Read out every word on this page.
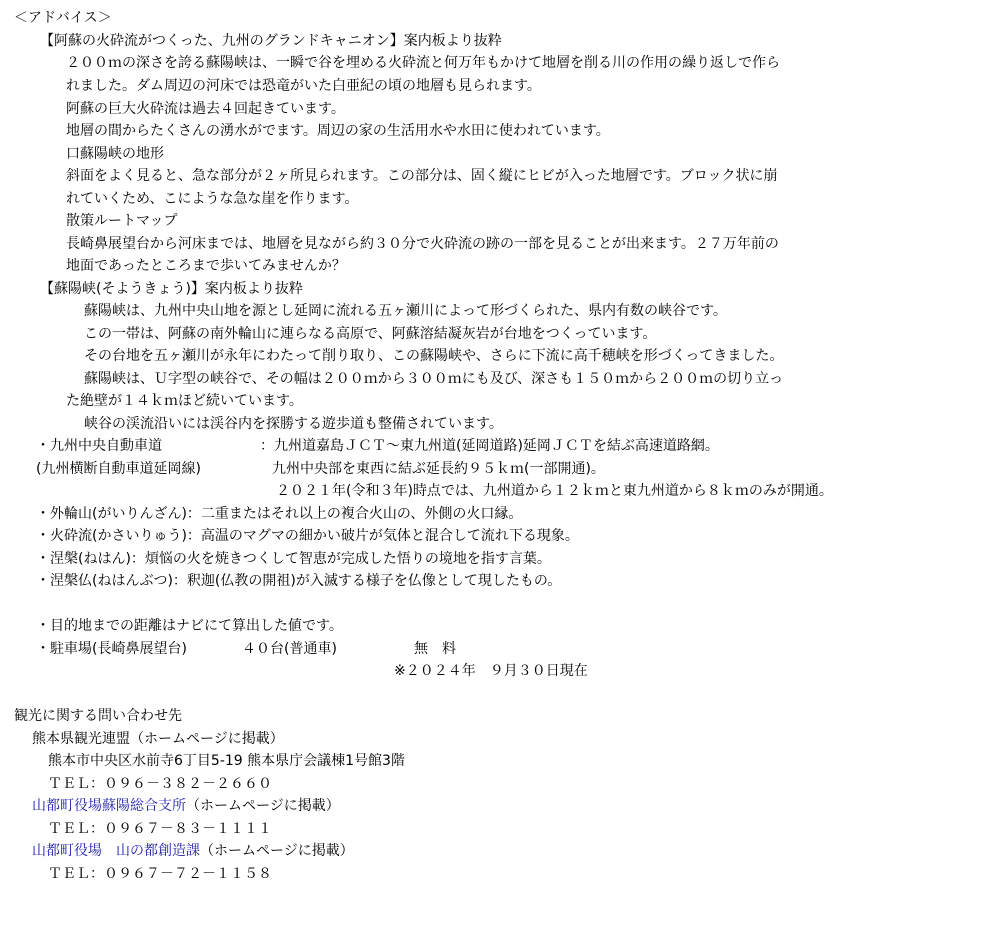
＜アドバイス＞
【阿蘇の火砕流がつくった、九州のグランドキャニオン】案内板より抜粋
２００ｍの深さを誇る蘇陽峡は、一瞬で谷を埋める火砕流と何万年もかけて地層を削る川の作用の繰り返しで作ら
れました。ダム周辺の河床では恐竜がいた白亜紀の頃の地層も見られます。
阿蘇の巨大火砕流は過去４回起きています。
地層の間からたくさんの湧水がでます。周辺の家の生活用水や水田に使われています。
口蘇陽峡の地形
斜面をよく見ると、急な部分が２ヶ所見られます。この部分は、固く縦にヒビが入った地層です。ブロック状に崩
れていくため、こにような急な崖を作ります。
散策ルートマップ
長崎鼻展望台から河床までは、地層を見ながら約３０分で火砕流の跡の一部を見ることが出来ます。２７万年前の
地面であったところまで歩いてみませんか？
【蘇陽峡(そようきょう)】案内板より抜粋
蘇陽峡は、九州中央山地を源とし延岡に流れる五ヶ瀬川によって形づくられた、県内有数の峡谷です。
この一帯は、阿蘇の南外輪山に連らなる高原で、阿蘇溶結凝灰岩が台地をつくっています。
その台地を五ヶ瀬川が永年にわたって削り取り、この蘇陽峡や、さらに下流に高千穂峡を形づくってきました。
蘇陽峡は、Ｕ字型の峡谷で、その幅は２００ｍから３００ｍにも及び、深さも１５０ｍから２００ｍの切り立っ
た絶壁が１４ｋｍほど続いています。
峡谷の渓流沿いには渓谷内を探勝する遊歩道も整備されています。
・九州中央自動車道	：九州道嘉島ＪＣＴ～東九州道(延岡道路)延岡ＪＣＴを結ぶ高速道路網。
(九州横断自動車道延岡線)	九州中央部を東西に結ぶ延長約９５ｋｍ(一部開通)。
２０２１年(令和３年)時点では、九州道から１２ｋｍと東九州道から８ｋｍのみが開通。
・外輪山(がいりんざん)：二重またはそれ以上の複合火山の、外側の火口縁。
・火砕流(かさいりゅう)：高温のマグマの細かい破片が気体と混合して流れ下る現象。
・涅槃(ねはん)：煩悩の火を焼きつくして智恵が完成した悟りの境地を指す言葉。
・涅槃仏(ねはんぶつ)：釈迦(仏教の開祖)が入滅する様子を仏像として現したもの。
・目的地までの距離はナビにて算出した値です。
・駐車場(長崎鼻展望台)	４０台(普通車)	無　料
※２０２４年　９月３０日現在
観光に関する問い合わせ先
熊本県観光連盟（ホームページに掲載）
熊本市中央区水前寺6丁目5-19 熊本県庁会議棟1号館3階
ＴＥＬ：０９６－３８２－２６６０
山都町役場蘇陽総合支所（ホームページに掲載）
ＴＥＬ：０９６７－８３－１１１１
山都町役場　山の都創造課（ホームページに掲載）
ＴＥＬ：０９６７－７２－１１５８
